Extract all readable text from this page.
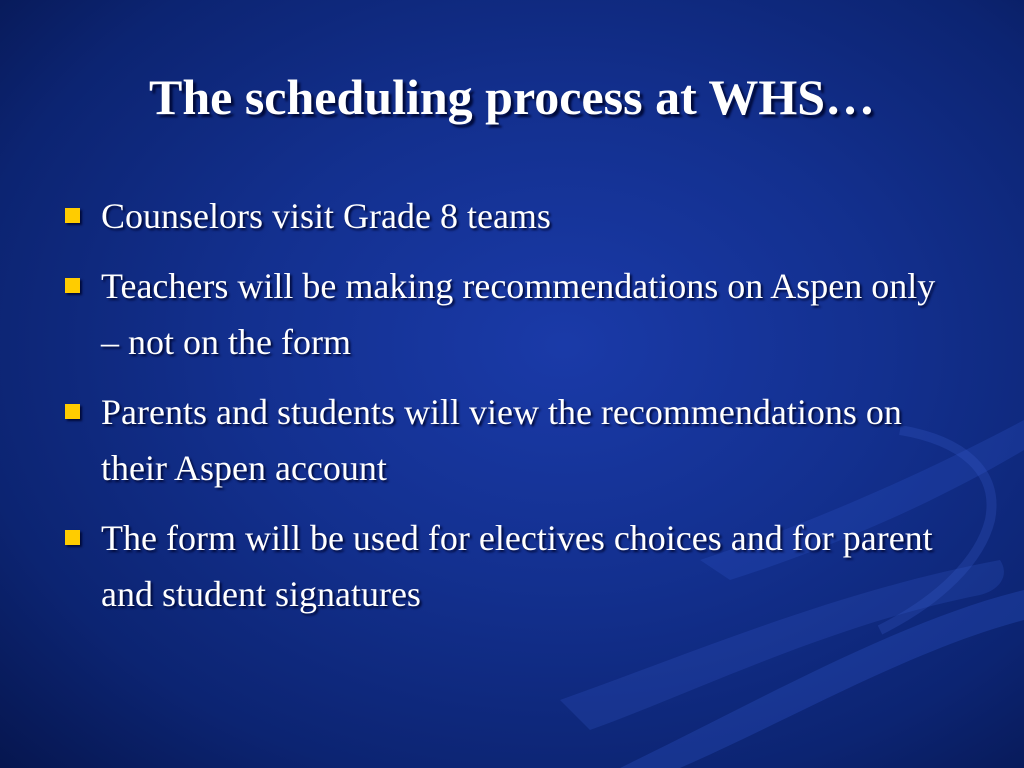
The scheduling process at WHS…
Counselors visit Grade 8 teams
Teachers will be making recommendations on Aspen only – not on the form
Parents and students will view the recommendations on their Aspen account
The form will be used for electives choices and for parent and student signatures
